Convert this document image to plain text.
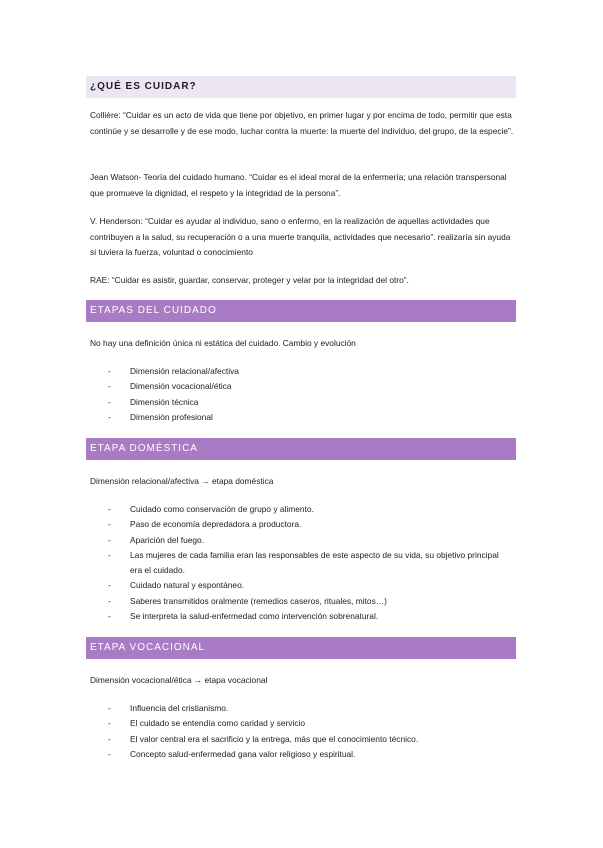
¿QUÉ ES CUIDAR?

Collière: “Cuidar es un acto de vida que tiene por objetivo, en primer lugar y por encima de todo, permitir que esta continúe y se desarrolle y de ese modo, luchar contra la muerte: la muerte del individuo, del grupo, de la especie”.

Jean Watson- Teoría del cuidado humano. “Cuidar es el ideal moral de la enfermería; una relación transpersonal que promueve la dignidad, el respeto y la integridad de la persona”.

V. Henderson: “Cuidar es ayudar al individuo, sano o enfermo, en la realización de aquellas actividades que contribuyen a la salud, su recuperación o a una muerte tranquila, actividades que necesario”. realizaría sin ayuda si tuviera la fuerza, voluntad o conocimiento

RAE: “Cuidar es asistir, guardar, conservar, proteger y velar por la integridad del otro”.

ETAPAS DEL CUIDADO

No hay una definición única ni estática del cuidado. Cambio y evolución

- Dimensión relacional/afectiva
- Dimensión vocacional/ética
- Dimensión técnica
- Dimensión profesional
ETAPA DOMÉSTICA

Dimensión relacional/afectiva → etapa doméstica

- Cuidado como conservación de grupo y alimento.
- Paso de economía depredadora a productora.
- Aparición del fuego.
- Las mujeres de cada familia eran las responsables de este aspecto de su vida, su objetivo principal era el cuidado.
- Cuidado natural y espontáneo.
- Saberes transmitidos oralmente (remedios caseros, rituales, mitos…)
- Se interpreta la salud-enfermedad como intervención sobrenatural.
ETAPA VOCACIONAL

Dimensión vocacional/ética → etapa vocacional

- Influencia del cristianismo.
- El cuidado se entendía como caridad y servicio
- El valor central era el sacrificio y la entrega, más que el conocimiento técnico.
- Concepto salud-enfermedad gana valor religioso y espiritual.
